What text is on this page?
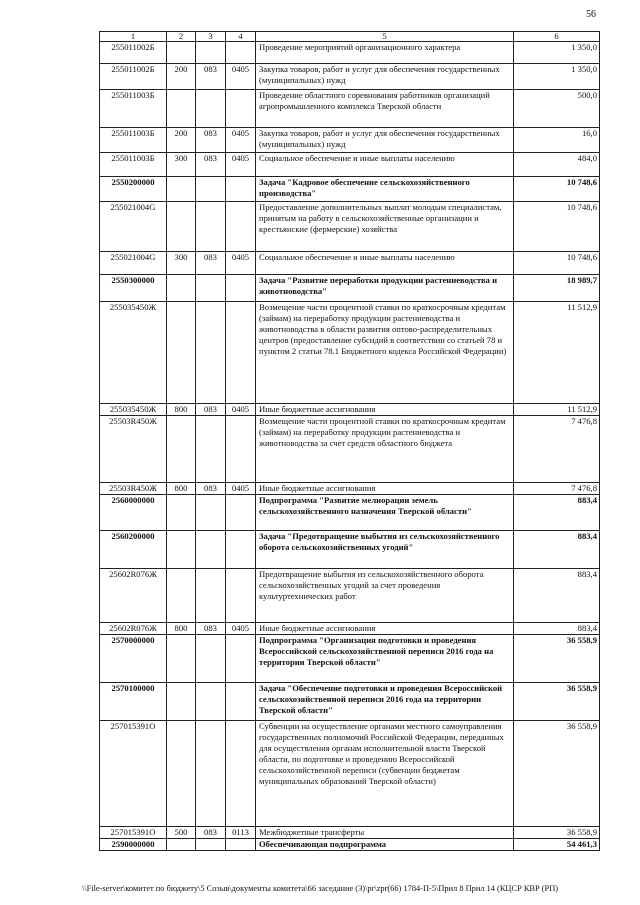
56
1	2	3	4	5	6
255011002Б				Проведение мероприятий организационного характера	1 350,0
255011002Б	200	083	0405	Закупка товаров, работ и услуг для обеспечения государственных (муниципальных) нужд	1 350,0
255011003Б				Проведение областного соревнования работников организаций агропромышленного комплекса Тверской области	500,0
255011003Б	200	083	0405	Закупка товаров, работ и услуг для обеспечения государственных (муниципальных) нужд	16,0
255011003Б	300	083	0405	Социальное обеспечение и иные выплаты населению	484,0
2550200000				Задача "Кадровое обеспечение сельскохозяйственного производства"	10 748,6
255021004G				Предоставление дополнительных выплат молодым специалистам, принятым на работу в сельскохозяйственные организации и крестьянские (фермерские) хозяйства	10 748,6
255021004G	300	083	0405	Социальное обеспечение и иные выплаты населению	10 748,6
2550300000				Задача "Развитие переработки продукции растениеводства и животноводства"	18 989,7
255035450Ж				Возмещение части процентной ставки по краткосрочным кредитам (займам) на переработку продукции растениеводства и животноводства в области развития оптово-распределительных центров (предоставление субсидий в соответствии со статьей 78 и пунктом 2 статьи 78.1 Бюджетного кодекса Российской Федерации)	11 512,9
255035450Ж	800	083	0405	Иные бюджетные ассигнования	11 512,9
25503R450Ж				Возмещение части процентной ставки по краткосрочным кредитам (займам) на переработку продукции растениеводства и животноводства за счет средств областного бюджета	7 476,8
25503R450Ж	800	083	0405	Иные бюджетные ассигнования	7 476,8
2560000000				Подпрограмма "Развитие мелиорации земель сельскохозяйственного назначения Тверской области"	883,4
2560200000				Задача "Предотвращение выбытия из сельскохозяйственного оборота сельскохозяйственных угодий"	883,4
25602R076Ж				Предотвращение выбытия из сельскохозяйственного оборота сельскохозяйственных угодий за счет проведения культуртехнических работ	883,4
25602R076Ж	800	083	0405	Иные бюджетные ассигнования	883,4
2570000000				Подпрограмма "Организация подготовки и проведения Всероссийской сельскохозяйственной переписи 2016 года на территории Тверской области"	36 558,9
2570100000				Задача "Обеспечение подготовки и проведения Всероссийской сельскохозяйственной переписи 2016 года на территории Тверской области"	36 558,9
257015391О				Субвенции на осуществление органами местного самоуправления государственных полномочий Российской Федерации, переданных для осуществления органам исполнительной власти Тверской области, по подготовке и проведению Всероссийской сельскохозяйственной переписи (субвенции бюджетам муниципальных образований Тверской области)	36 558,9
257015391О	500	083	0113	Межбюджетные трансферты	36 558,9
2590000000				Обеспечивающая подпрограмма	54 461,3
\\File-server\комитет по бюджету\5 Созыв\документы комитета\66 заседание (3)\pr\zpr(66) 1784-П-5\Прил 8 Прил 14 (КЦСР КВР (РП)
